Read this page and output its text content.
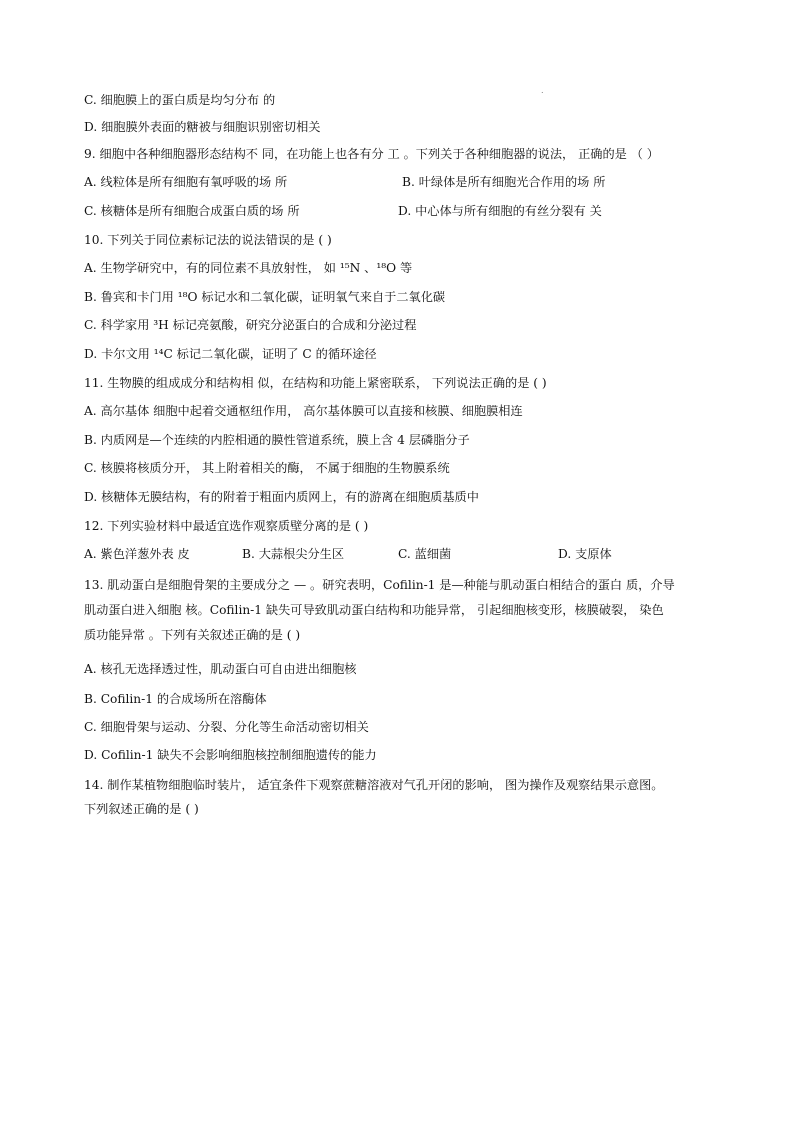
.
C. 细胞膜上的蛋白质是均匀分布 的
D. 细胞膜外表面的糖被与细胞识别密切相关
9. 细胞中各种细胞器形态结构不 同，在功能上也各有分 工 。下列关于各种细胞器的说法， 正确的是 （ ）
A. 线粒体是所有细胞有氧呼吸的场 所	B. 叶绿体是所有细胞光合作用的场 所
C. 核糖体是所有细胞合成蛋白质的场 所	D. 中心体与所有细胞的有丝分裂有 关
10. 下列关于同位素标记法的说法错误的是 ( )
A. 生物学研究中，有的同位素不具放射性， 如 ¹⁵N 、¹⁸O 等
B. 鲁宾和卡门用 ¹⁸O 标记水和二氧化碳，证明氧气来自于二氧化碳
C. 科学家用 ³H 标记亮氨酸，研究分泌蛋白的合成和分泌过程
D. 卡尔文用 ¹⁴C 标记二氧化碳，证明了 C 的循环途径
11. 生物膜的组成成分和结构相 似，在结构和功能上紧密联系， 下列说法正确的是 ( )
A. 高尔基体 细胞中起着交通枢纽作用， 高尔基体膜可以直接和核膜、细胞膜相连
B. 内质网是—个连续的内腔相通的膜性管道系统，膜上含 4 层磷脂分子
C. 核膜将核质分开， 其上附着相关的酶， 不属于细胞的生物膜系统
D. 核糖体无膜结构，有的附着于粗面内质网上，有的游离在细胞质基质中
12. 下列实验材料中最适宜选作观察质壁分离的是 ( )
A. 紫色洋葱外表 皮	B. 大蒜根尖分生区	C. 蓝细菌	D. 支原体
13. 肌动蛋白是细胞骨架的主要成分之 — 。研究表明，Cofilin-1 是—种能与肌动蛋白相结合的蛋白 质，介导
肌动蛋白进入细胞 核。Cofilin-1 缺失可导致肌动蛋白结构和功能异常， 引起细胞核变形，核膜破裂， 染色
质功能异常 。下列有关叙述正确的是 ( )
A. 核孔无选择透过性，肌动蛋白可自由进出细胞核
B. Cofilin-1 的合成场所在溶酶体
C. 细胞骨架与运动、分裂、分化等生命活动密切相关
D. Cofilin-1 缺失不会影响细胞核控制细胞遗传的能力
14. 制作某植物细胞临时装片， 适宜条件下观察蔗糖溶液对气孔开闭的影响， 图为操作及观察结果示意图。
下列叙述正确的是 ( )
